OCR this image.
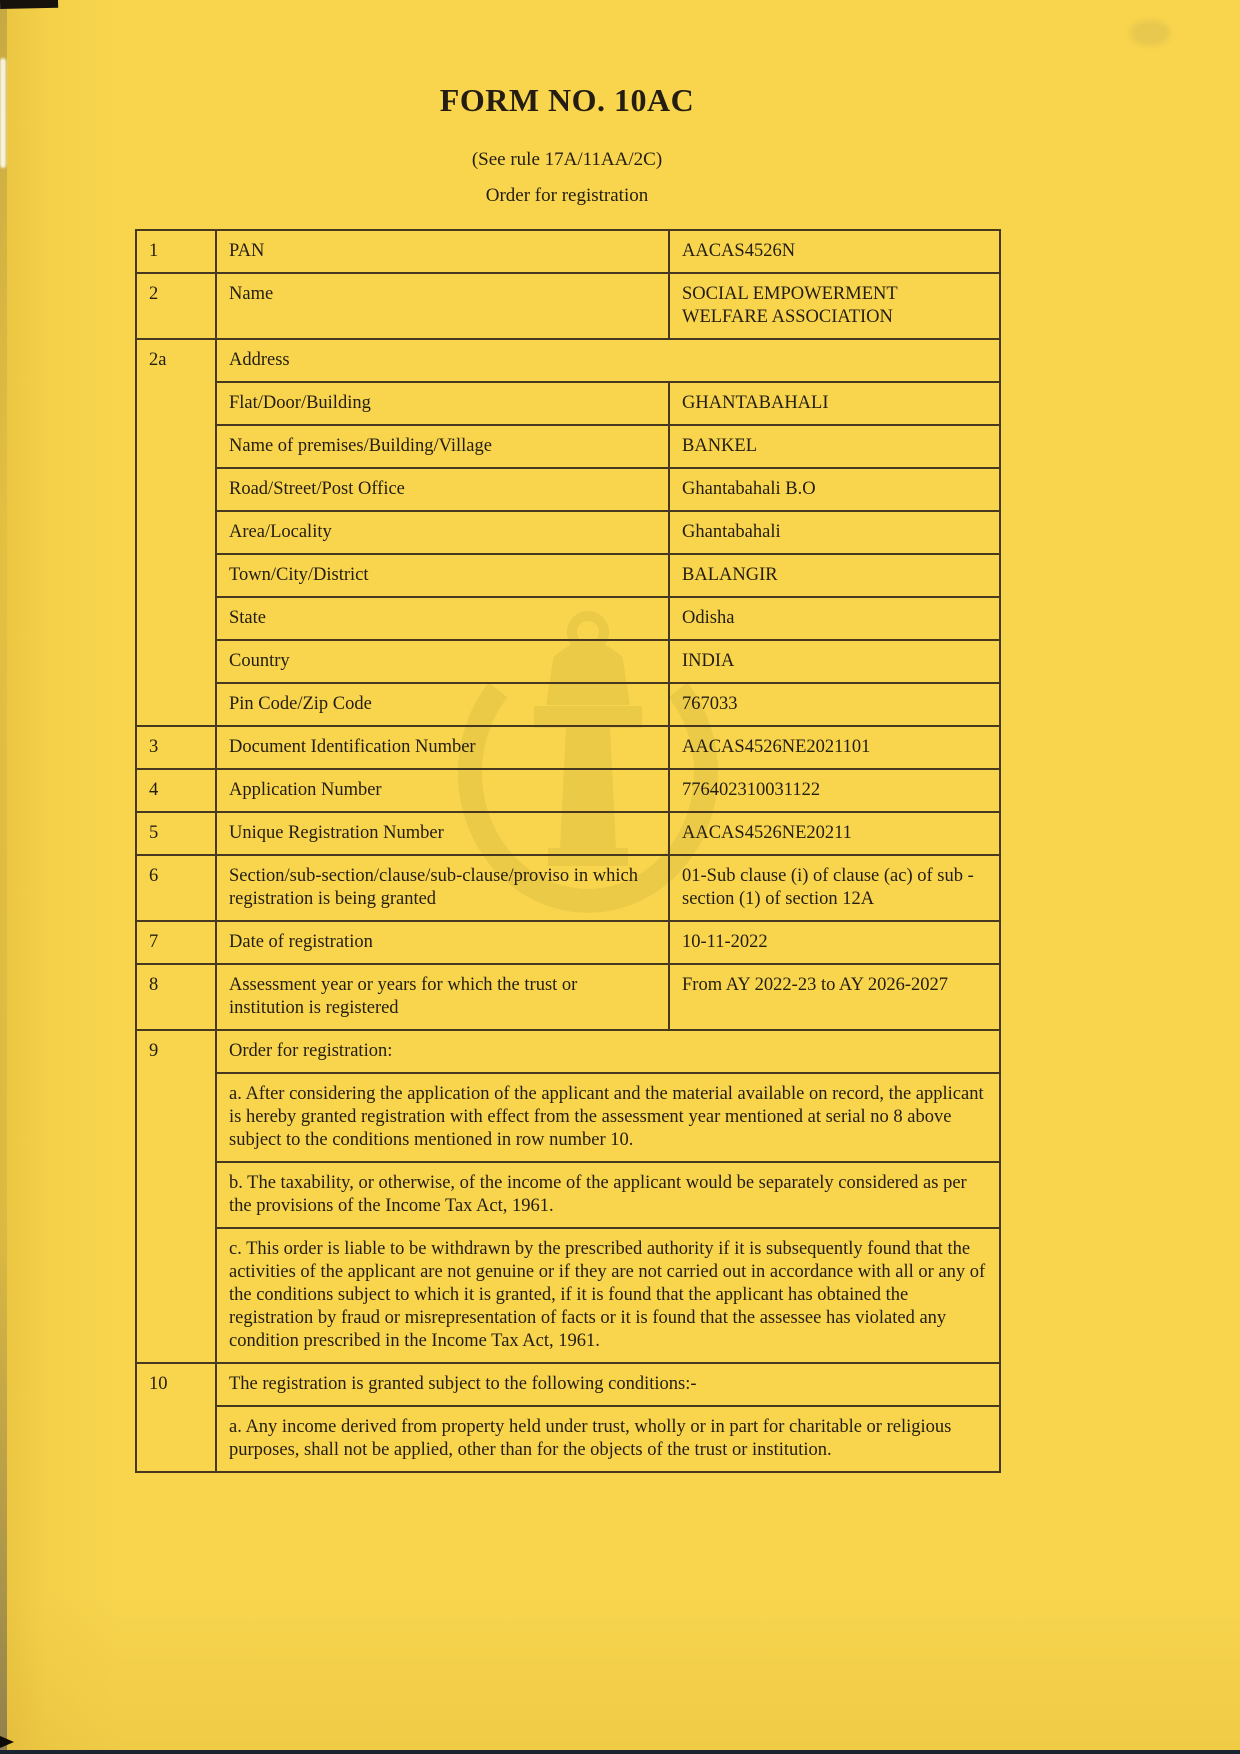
FORM NO. 10AC
(See rule 17A/11AA/2C)
Order for registration
1	PAN	AACAS4526N
2	Name	SOCIAL EMPOWERMENT WELFARE ASSOCIATION
2a	Address	
	Flat/Door/Building	GHANTABAHALI
	Name of premises/Building/Village	BANKEL
	Road/Street/Post Office	Ghantabahali B.O
	Area/Locality	Ghantabahali
	Town/City/District	BALANGIR
	State	Odisha
	Country	INDIA
	Pin Code/Zip Code	767033
3	Document Identification Number	AACAS4526NE2021101
4	Application Number	776402310031122
5	Unique Registration Number	AACAS4526NE20211
6	Section/sub-section/clause/sub-clause/proviso in which registration is being granted	01-Sub clause (i) of clause (ac) of sub -section (1) of section 12A
7	Date of registration	10-11-2022
8	Assessment year or years for which the trust or institution is registered	From AY 2022-23 to AY 2026-2027
9	Order for registration:	
	a. After considering the application of the applicant and the material available on record, the applicant is hereby granted registration with effect from the assessment year mentioned at serial no 8 above subject to the conditions mentioned in row number 10.	
	b. The taxability, or otherwise, of the income of the applicant would be separately considered as per the provisions of the Income Tax Act, 1961.	
	c. This order is liable to be withdrawn by the prescribed authority if it is subsequently found that the activities of the applicant are not genuine or if they are not carried out in accordance with all or any of the conditions subject to which it is granted, if it is found that the applicant has obtained the registration by fraud or misrepresentation of facts or it is found that the assessee has violated any condition prescribed in the Income Tax Act, 1961.	
10	The registration is granted subject to the following conditions:-	
	a. Any income derived from property held under trust, wholly or in part for charitable or religious purposes, shall not be applied, other than for the objects of the trust or institution.	
